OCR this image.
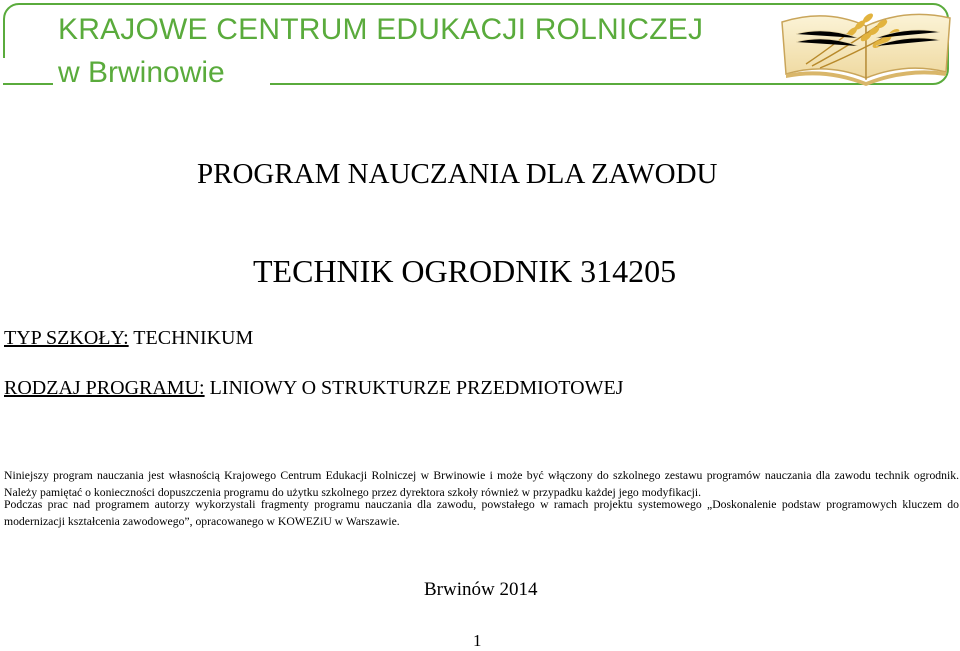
KRAJOWE CENTRUM EDUKACJI ROLNICZEJ

w Brwinowie

PROGRAM NAUCZANIA DLA ZAWODU
TECHNIK OGRODNIK 314205

TYP SZKOŁY: TECHNIKUM

RODZAJ PROGRAMU: LINIOWY O STRUKTURZE PRZEDMIOTOWEJ

Niniejszy program nauczania jest własnością Krajowego Centrum Edukacji Rolniczej w Brwinowie i może być włączony do szkolnego zestawu programów nauczania dla zawodu technik ogrodnik. Należy pamiętać o konieczności dopuszczenia programu do użytku szkolnego przez dyrektora szkoły również w przypadku każdej jego modyfikacji.

Podczas prac nad programem autorzy wykorzystali fragmenty programu nauczania dla zawodu, powstałego w ramach projektu systemowego „Doskonalenie podstaw programowych kluczem do modernizacji kształcenia zawodowego”, opracowanego w KOWEZiU w Warszawie.

Brwinów 2014

1
